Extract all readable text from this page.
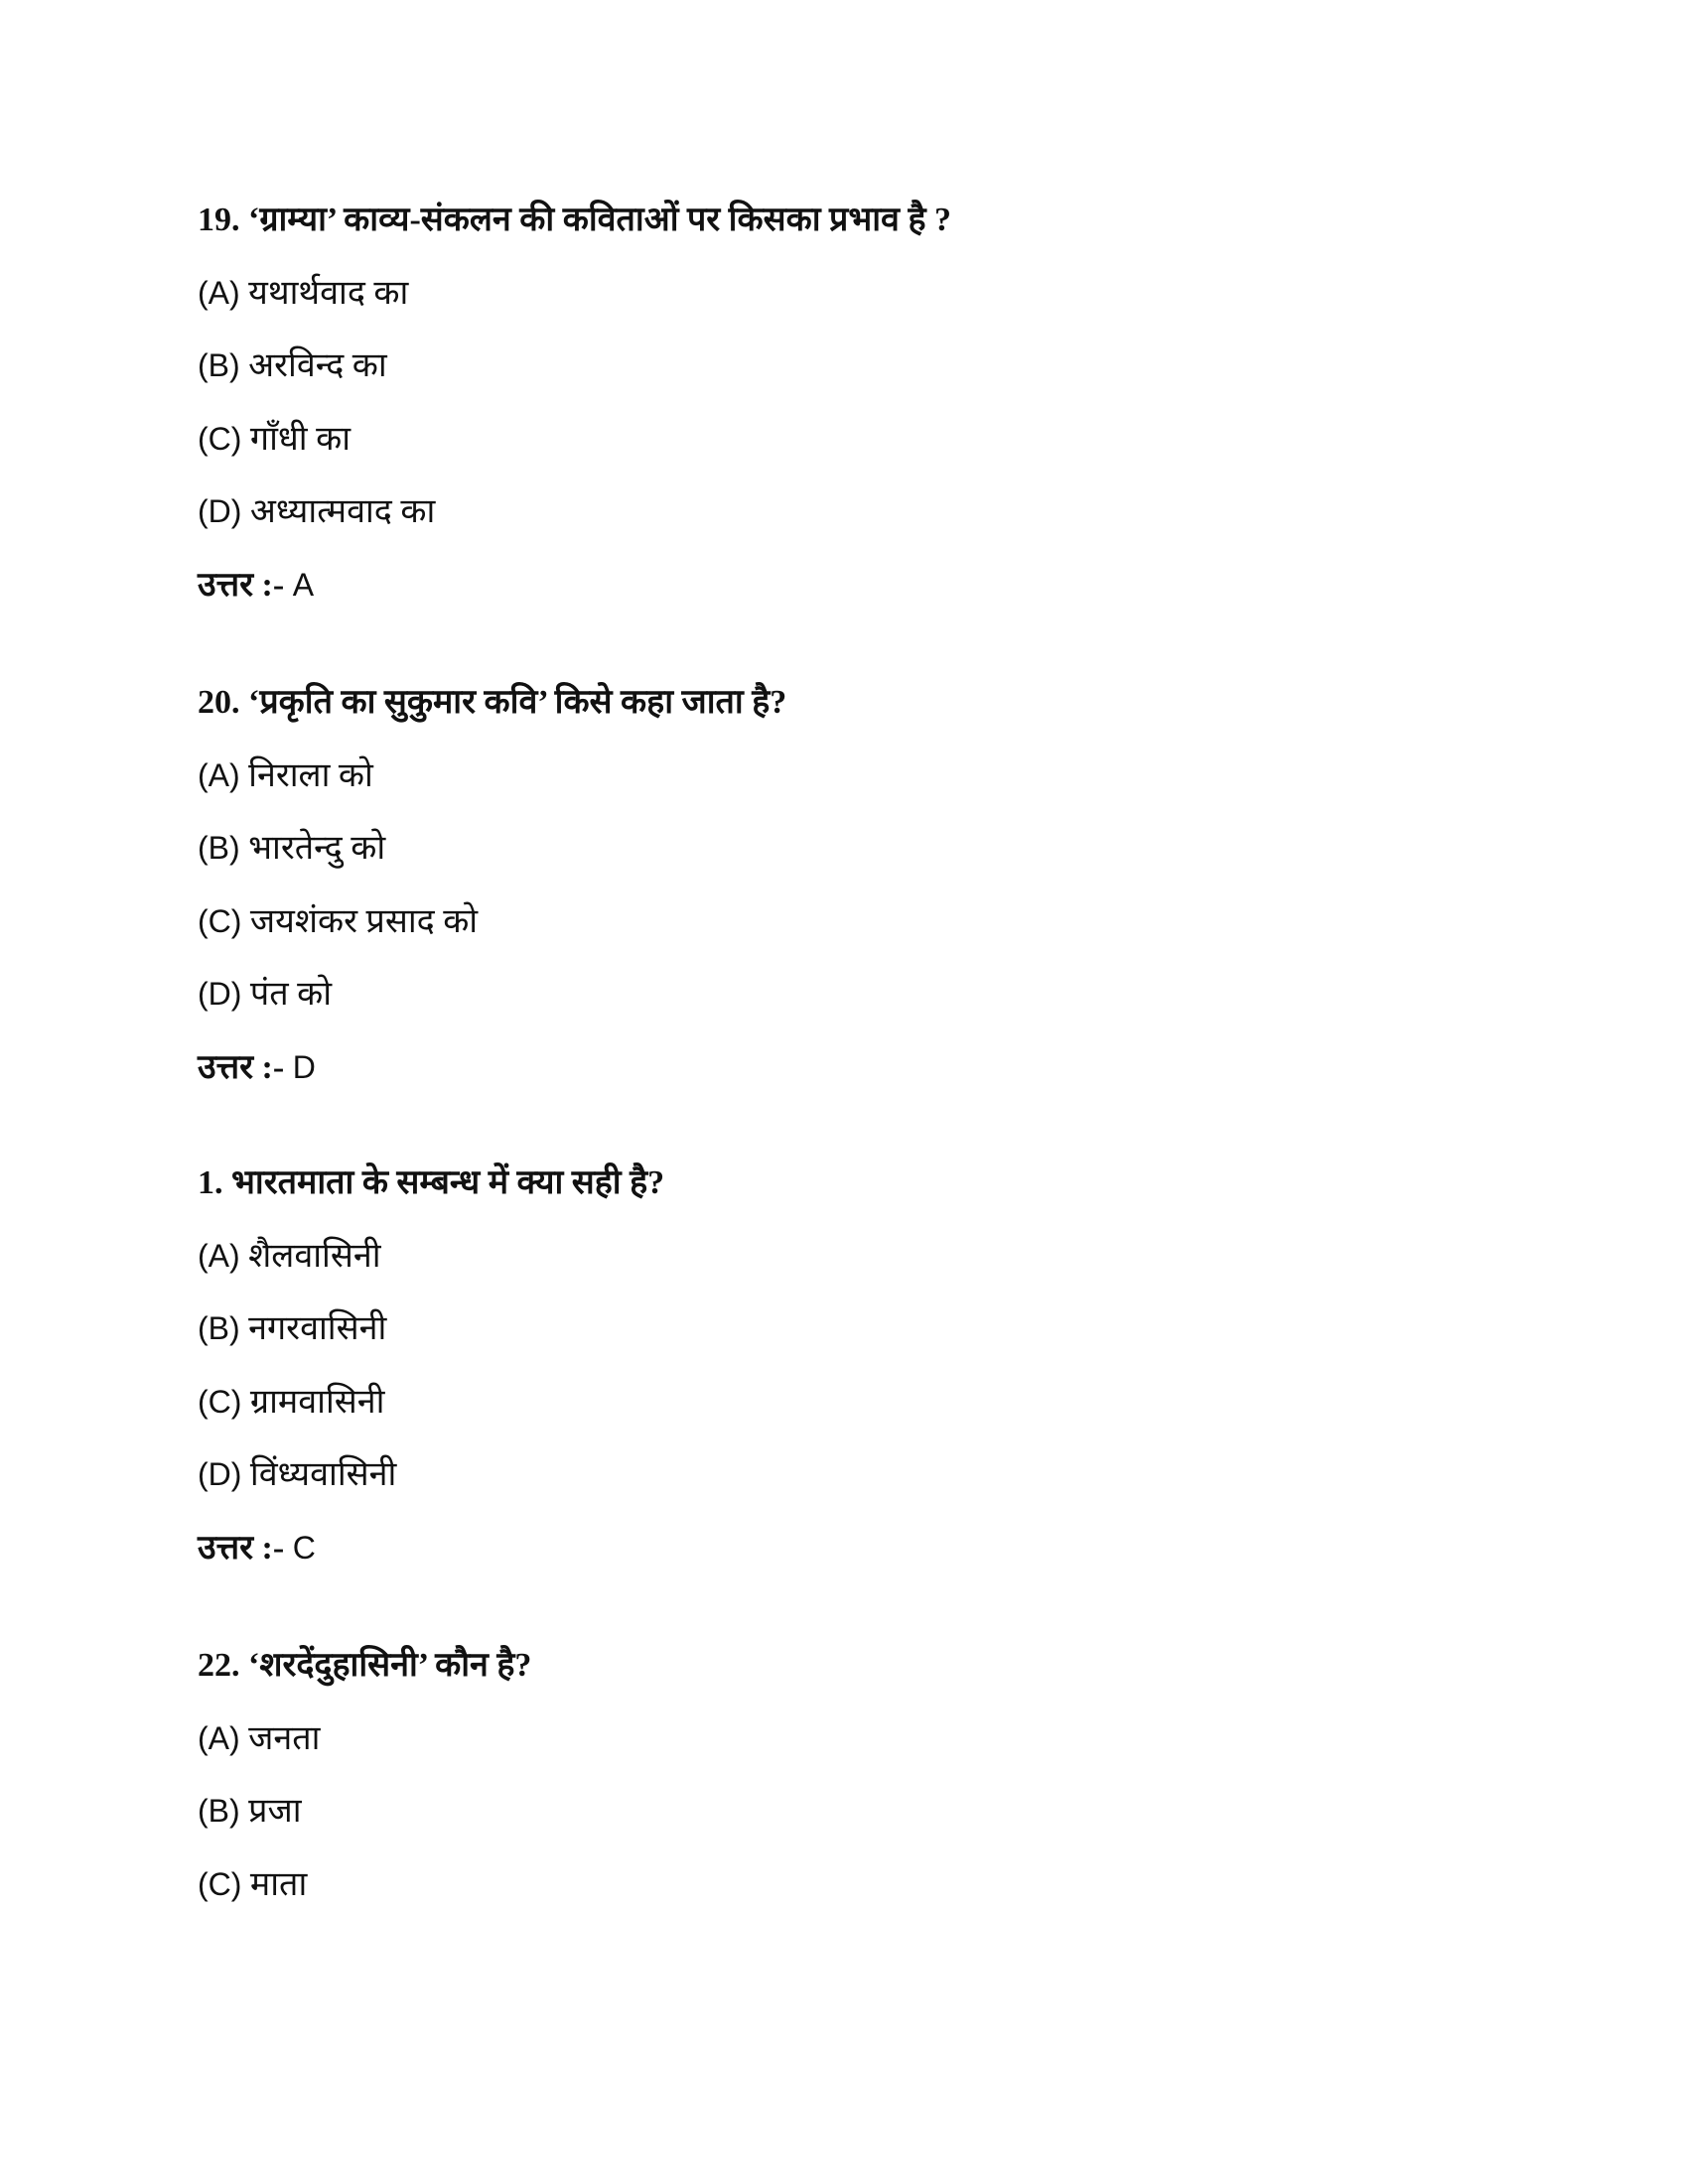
19. ‘ग्राम्या’ काव्य-संकलन की कविताओं पर किसका प्रभाव है ?
(A) यथार्थवाद का
(B) अरविन्द का
(C) गाँधी का
(D) अध्यात्मवाद का
उत्तर :- A
20. ‘प्रकृति का सुकुमार कवि’ किसे कहा जाता है?
(A) निराला को
(B) भारतेन्दु को
(C) जयशंकर प्रसाद को
(D) पंत को
उत्तर :- D
1. भारतमाता के सम्बन्ध में क्या सही है?
(A) शैलवासिनी
(B) नगरवासिनी
(C) ग्रामवासिनी
(D) विंध्यवासिनी
उत्तर :- C
22. ‘शरदेंदुहासिनी’ कौन है?
(A) जनता
(B) प्रजा
(C) माता
